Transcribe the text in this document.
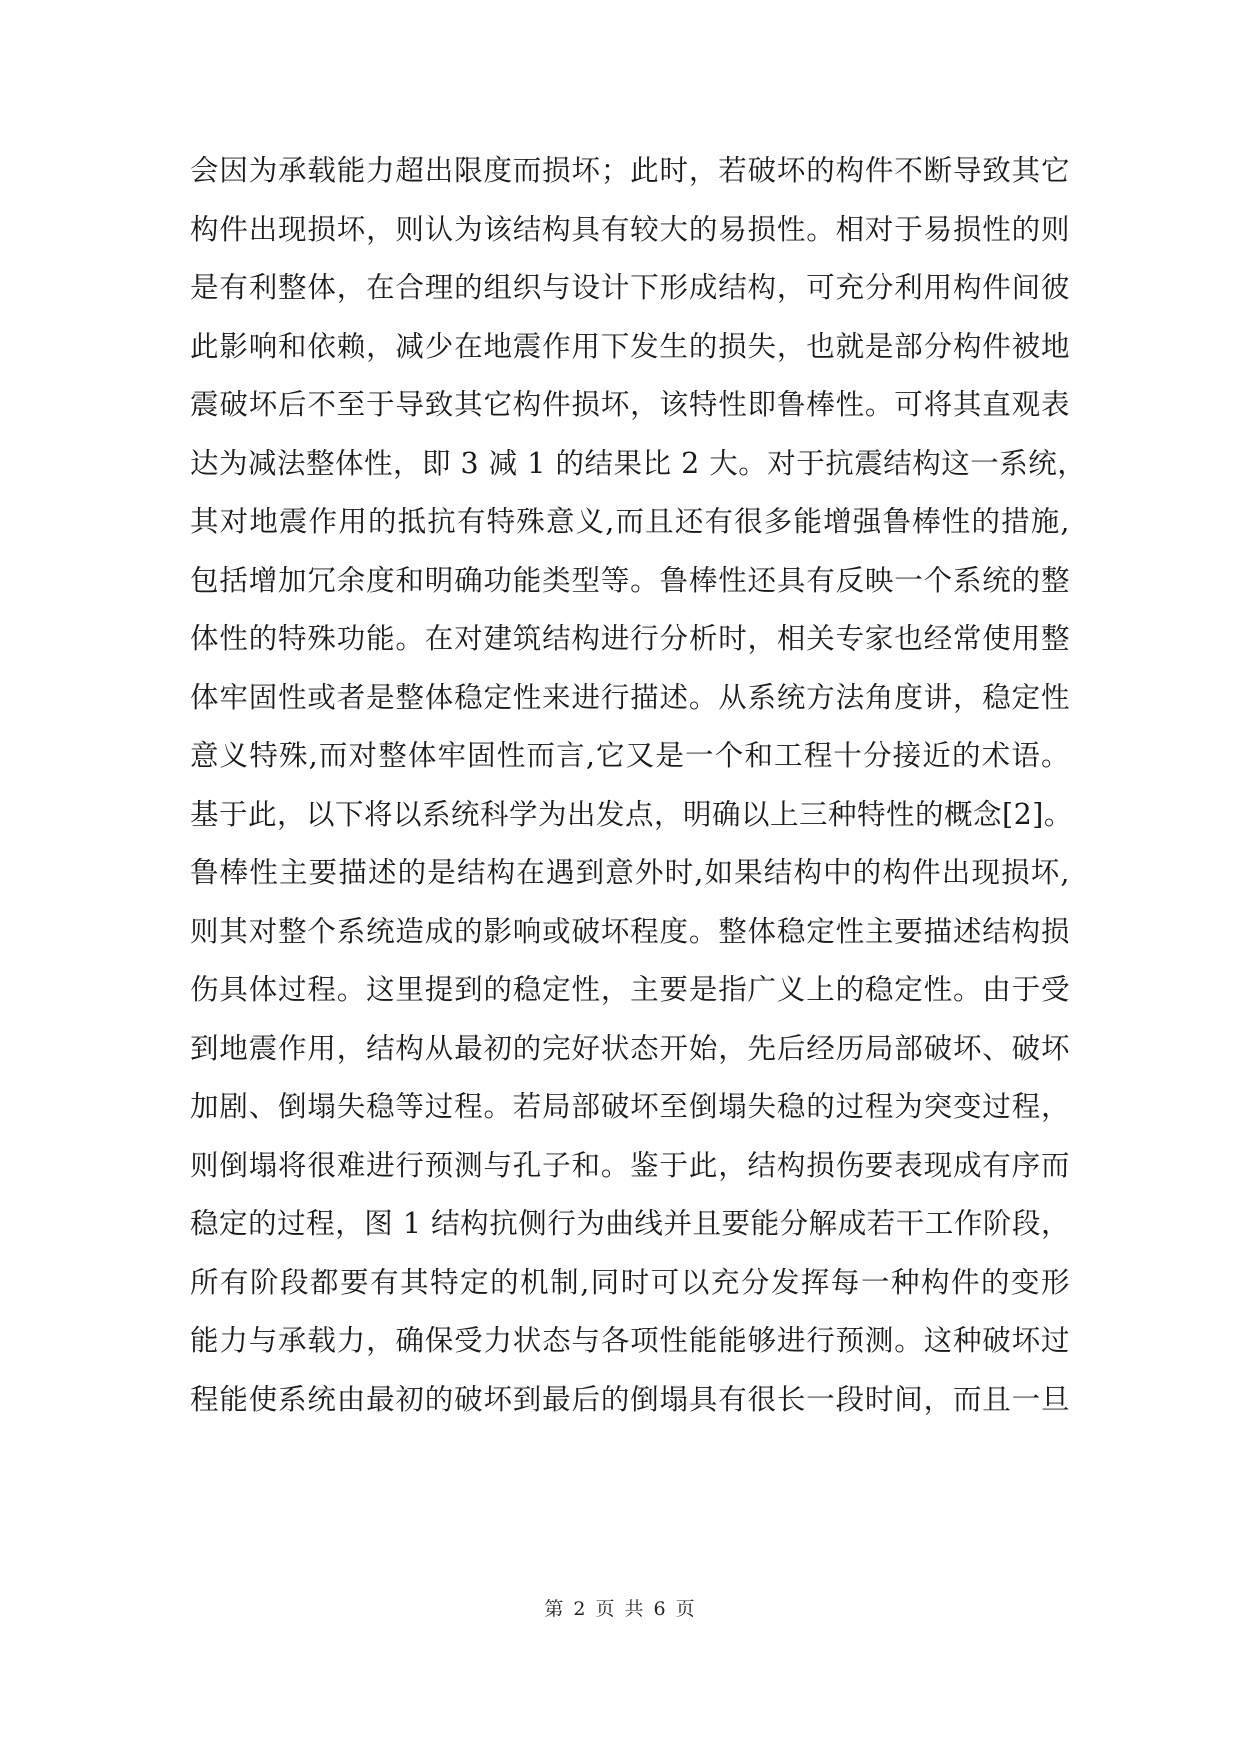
会因为承载能力超出限度而损坏；此时，若破坏的构件不断导致其它
构件出现损坏，则认为该结构具有较大的易损性。相对于易损性的则
是有利整体，在合理的组织与设计下形成结构，可充分利用构件间彼
此影响和依赖，减少在地震作用下发生的损失，也就是部分构件被地
震破坏后不至于导致其它构件损坏，该特性即鲁棒性。可将其直观表
达为减法整体性，即 3 减 1 的结果比 2 大。对于抗震结构这一系统，
其对地震作用的抵抗有特殊意义,而且还有很多能增强鲁棒性的措施,
包括增加冗余度和明确功能类型等。鲁棒性还具有反映一个系统的整
体性的特殊功能。在对建筑结构进行分析时，相关专家也经常使用整
体牢固性或者是整体稳定性来进行描述。从系统方法角度讲，稳定性
意义特殊,而对整体牢固性而言,它又是一个和工程十分接近的术语。
基于此，以下将以系统科学为出发点，明确以上三种特性的概念[2]。
鲁棒性主要描述的是结构在遇到意外时,如果结构中的构件出现损坏,
则其对整个系统造成的影响或破坏程度。整体稳定性主要描述结构损
伤具体过程。这里提到的稳定性，主要是指广义上的稳定性。由于受
到地震作用，结构从最初的完好状态开始，先后经历局部破坏、破坏
加剧、倒塌失稳等过程。若局部破坏至倒塌失稳的过程为突变过程，
则倒塌将很难进行预测与孔子和。鉴于此，结构损伤要表现成有序而
稳定的过程，图 1 结构抗侧行为曲线并且要能分解成若干工作阶段，
所有阶段都要有其特定的机制,同时可以充分发挥每一种构件的变形
能力与承载力，确保受力状态与各项性能能够进行预测。这种破坏过
程能使系统由最初的破坏到最后的倒塌具有很长一段时间，而且一旦
第 2 页 共 6 页
